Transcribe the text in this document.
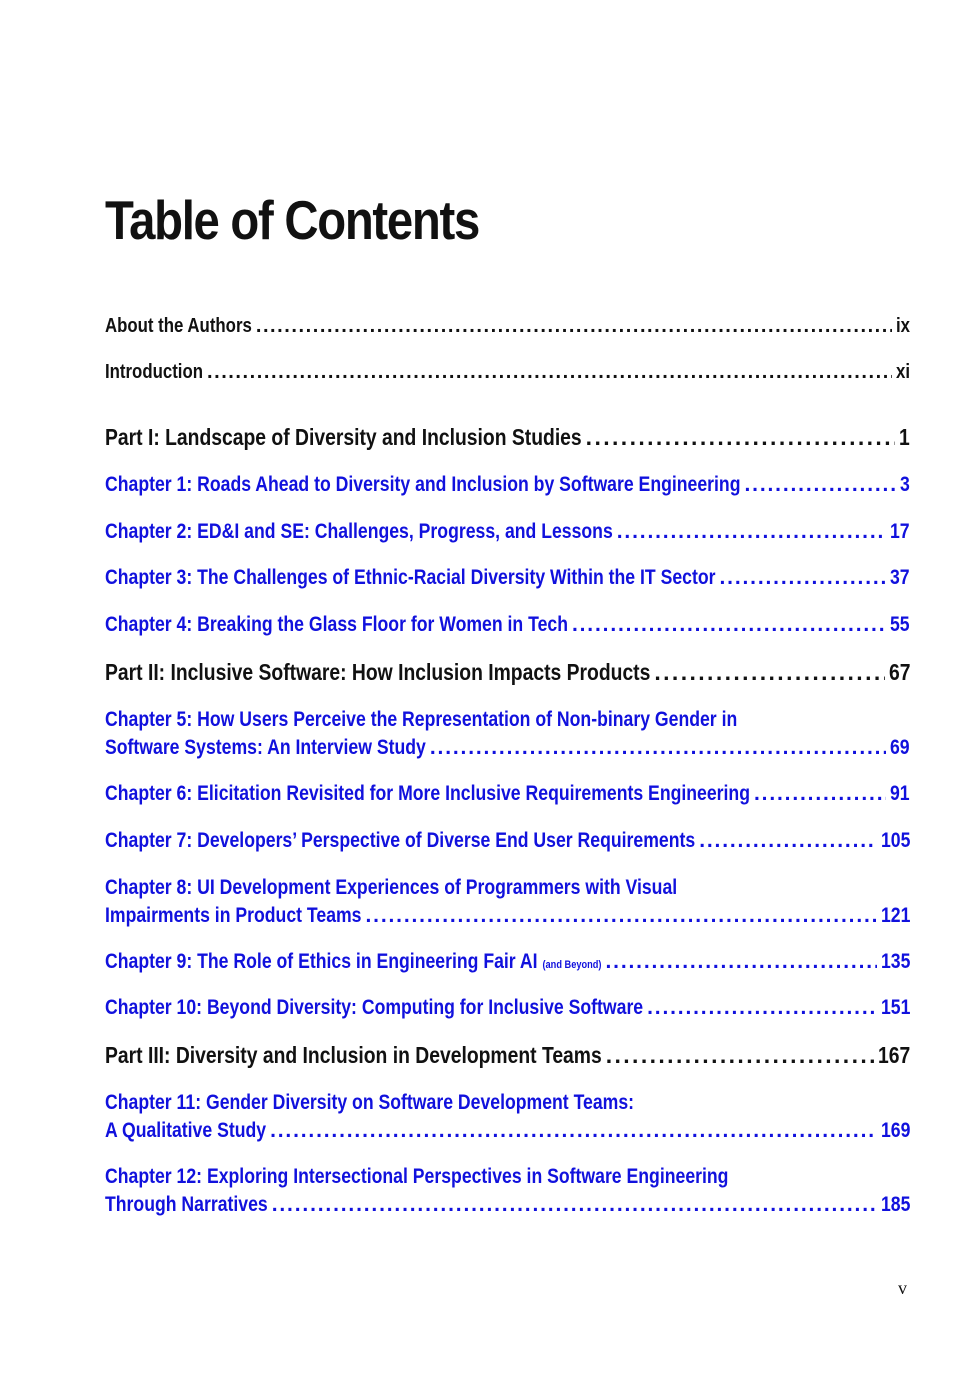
Table of Contents
About the Authors . . .	ix
Introduction . . .	xi
Part I: Landscape of Diversity and Inclusion Studies . . .	1
Chapter 1: Roads Ahead to Diversity and Inclusion by Software Engineering . . .	3
Chapter 2: ED&I and SE: Challenges, Progress, and Lessons . . .	17
Chapter 3: The Challenges of Ethnic-Racial Diversity Within the IT Sector . . .	37
Chapter 4: Breaking the Glass Floor for Women in Tech . . .	55
Part II: Inclusive Software: How Inclusion Impacts Products . . .	67
Chapter 5: How Users Perceive the Representation of Non-binary Gender in
Software Systems: An Interview Study . . .	69
Chapter 6: Elicitation Revisited for More Inclusive Requirements Engineering . . .	91
Chapter 7: Developers’ Perspective of Diverse End User Requirements . . .	105
Chapter 8: UI Development Experiences of Programmers with Visual
Impairments in Product Teams . . .	121
Chapter 9: The Role of Ethics in Engineering Fair AI (and Beyond) . . .	135
Chapter 10: Beyond Diversity: Computing for Inclusive Software . . .	151
Part III: Diversity and Inclusion in Development Teams . . .	167
Chapter 11: Gender Diversity on Software Development Teams:
A Qualitative Study . . .	169
Chapter 12: Exploring Intersectional Perspectives in Software Engineering
Through Narratives . . .	185
v
